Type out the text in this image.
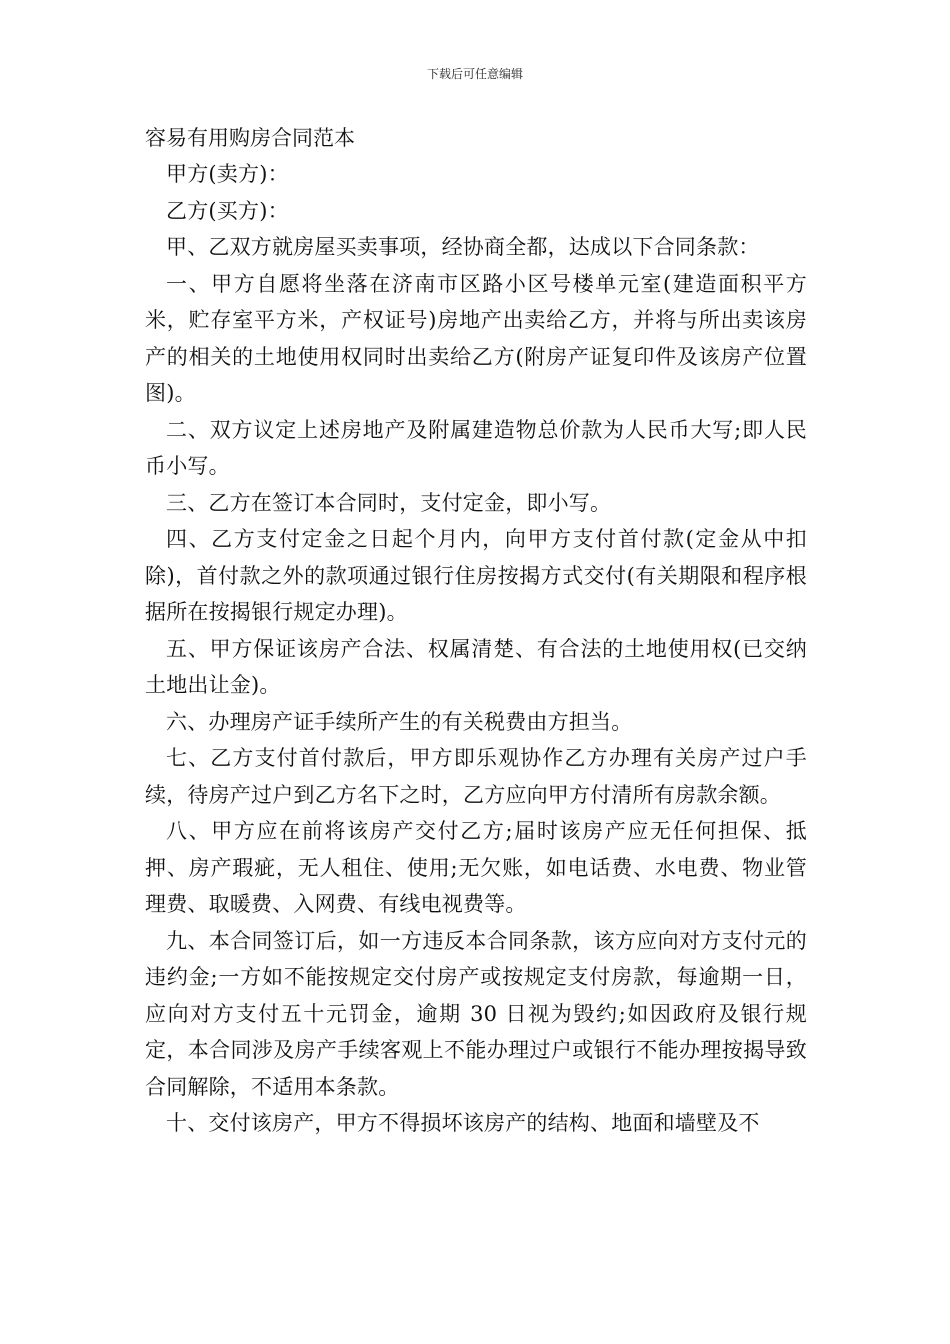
下载后可任意编辑
容易有用购房合同范本

甲方(卖方)：

乙方(买方)：

甲、乙双方就房屋买卖事项，经协商全都，达成以下合同条款：

一、甲方自愿将坐落在济南市区路小区号楼单元室(建造面积平方米，贮存室平方米，产权证号)房地产出卖给乙方，并将与所出卖该房产的相关的土地使用权同时出卖给乙方(附房产证复印件及该房产位置图)。

二、双方议定上述房地产及附属建造物总价款为人民币大写;即人民币小写。

三、乙方在签订本合同时，支付定金，即小写。

四、乙方支付定金之日起个月内，向甲方支付首付款(定金从中扣除)，首付款之外的款项通过银行住房按揭方式交付(有关期限和程序根据所在按揭银行规定办理)。

五、甲方保证该房产合法、权属清楚、有合法的土地使用权(已交纳土地出让金)。

六、办理房产证手续所产生的有关税费由方担当。

七、乙方支付首付款后，甲方即乐观协作乙方办理有关房产过户手续，待房产过户到乙方名下之时，乙方应向甲方付清所有房款余额。

八、甲方应在前将该房产交付乙方;届时该房产应无任何担保、抵押、房产瑕疵，无人租住、使用;无欠账，如电话费、水电费、物业管理费、取暖费、入网费、有线电视费等。

九、本合同签订后，如一方违反本合同条款，该方应向对方支付元的违约金;一方如不能按规定交付房产或按规定支付房款，每逾期一日，应向对方支付五十元罚金，逾期 30 日视为毁约;如因政府及银行规定，本合同涉及房产手续客观上不能办理过户或银行不能办理按揭导致合同解除，不适用本条款。

十、交付该房产，甲方不得损坏该房产的结构、地面和墙壁及不
